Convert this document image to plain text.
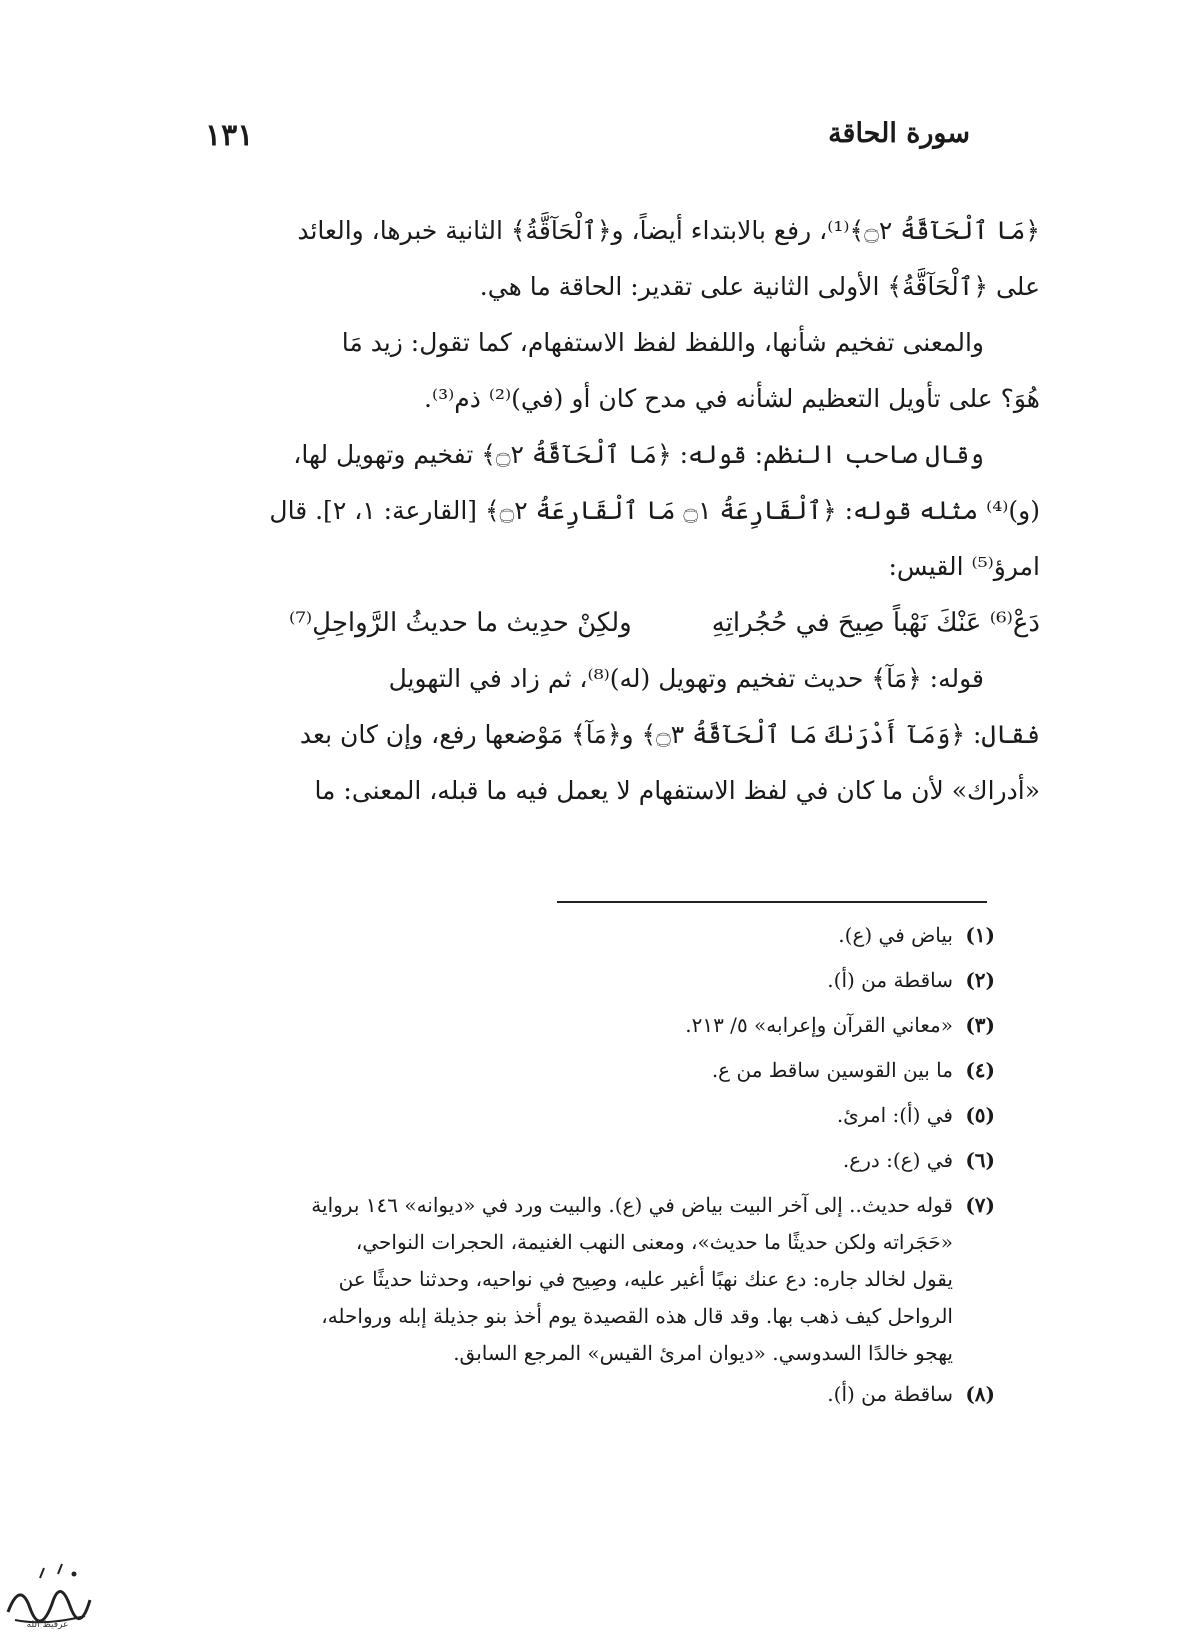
سورة الحاقة
١٣١
﴿مَا ٱلْحَآقَّةُ ۝٢﴾⁽¹⁾، رفع بالابتداء أيضاً، و﴿ٱلْحَآقَّةُ﴾ الثانية خبرها، والعائد
على ﴿ٱلْحَآقَّةُ﴾ الأولى الثانية على تقدير: الحاقة ما هي.
والمعنى تفخيم شأنها، واللفظ لفظ الاستفهام، كما تقول: زيد مَا
هُوَ؟ على تأويل التعظيم لشأنه في مدح كان أو (في)⁽²⁾ ذم⁽³⁾.
وقال صاحب النظم: قوله: ﴿مَا ٱلْحَآقَّةُ ۝٢﴾ تفخيم وتهويل لها،
(و)⁽⁴⁾ مثله قوله: ﴿ٱلْقَارِعَةُ ۝١ مَا ٱلْقَارِعَةُ ۝٢﴾ [القارعة: ١، ٢]. قال
امرؤ⁽⁵⁾ القيس:
دَعْ⁽⁶⁾ عَنْكَ نَهْباً صِيحَ في حُجُراتِهِ
ولكِنْ حدِيث ما حديثُ الرَّواحِلِ⁽⁷⁾
قوله: ﴿مَآ﴾ حديث تفخيم وتهويل (له)⁽⁸⁾، ثم زاد في التهويل
فقال: ﴿وَمَآ أَدْرَىٰكَ مَا ٱلْحَآقَّةُ ۝٣﴾ و﴿مَآ﴾ مَوْضعها رفع، وإن كان بعد
«أدراك» لأن ما كان في لفظ الاستفهام لا يعمل فيه ما قبله، المعنى: ما
(١)
بياض في (ع).
(٢)
ساقطة من (أ).
(٣)
«معاني القرآن وإعرابه» ٥/ ٢١٣.
(٤)
ما بين القوسين ساقط من ع.
(٥)
في (أ): امرئ.
(٦)
في (ع): درع.
(٧)
قوله حديث.. إلى آخر البيت بياض في (ع). والبيت ورد في «ديوانه» ١٤٦ برواية
«حَجَراته ولكن حديثًا ما حديث»، ومعنى النهب الغنيمة، الحجرات النواحي،
يقول لخالد جاره: دع عنك نهبًا أغير عليه، وصِيح في نواحيه، وحدثنا حديثًا عن
الرواحل كيف ذهب بها. وقد قال هذه القصيدة يوم أخذ بنو جذيلة إبله ورواحله،
يهجو خالدًا السدوسي. «ديوان امرئ القيس» المرجع السابق.
(٨)
ساقطة من (أ).
عرفيظ الله
